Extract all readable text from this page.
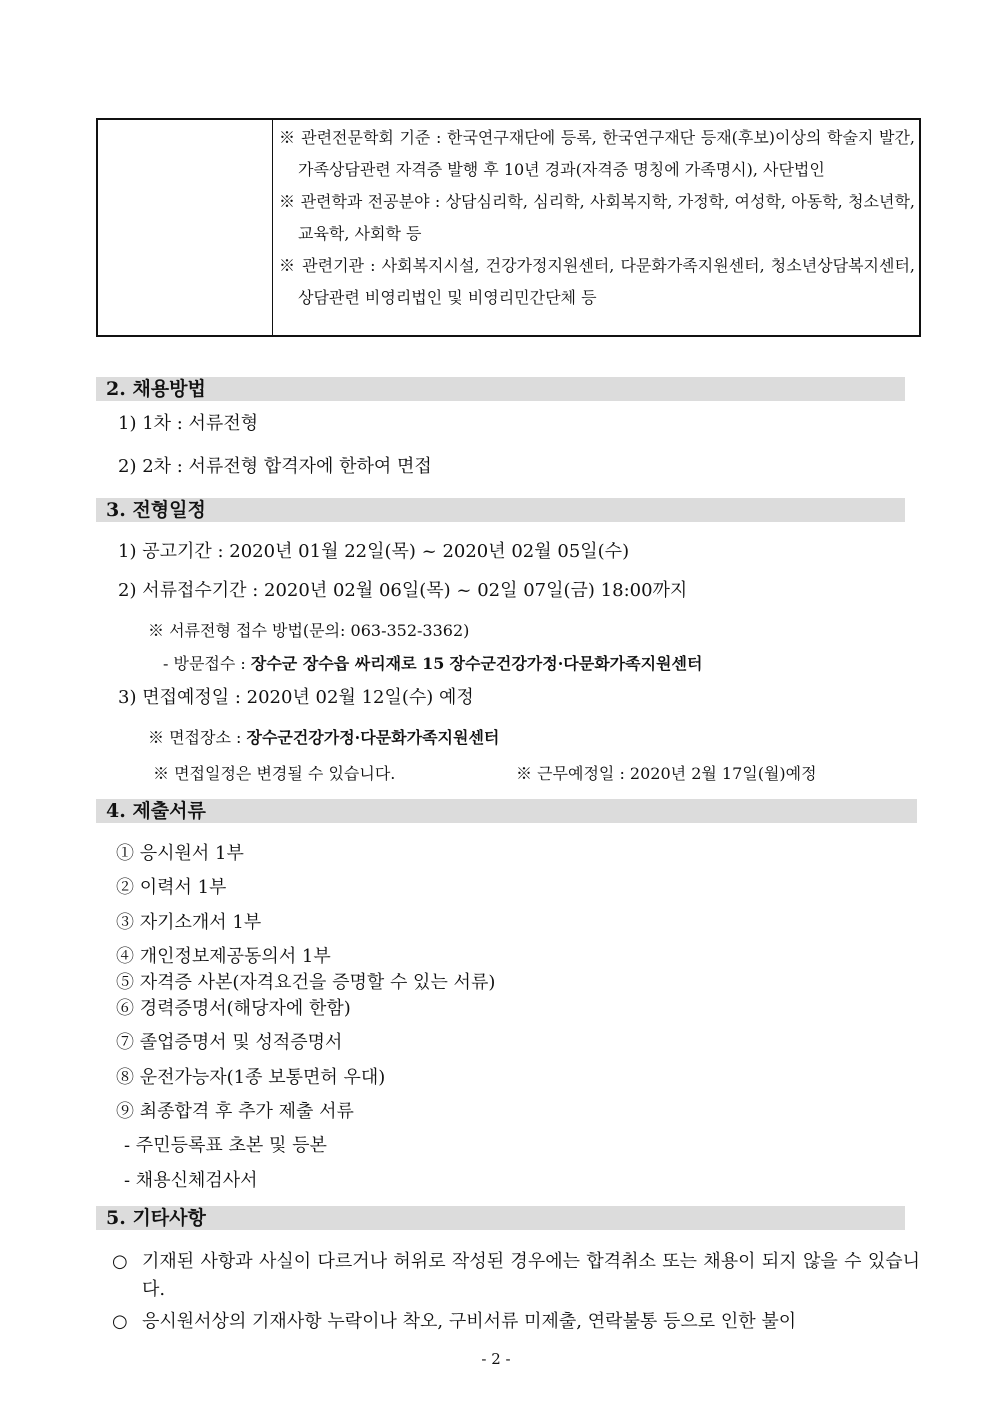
※ 관련전문학회 기준 : 한국연구재단에 등록, 한국연구재단 등재(후보)이상의 학술지 발간, 가족상담관련 자격증 발행 후 10년 경과(자격증 명칭에 가족명시), 사단법인
※ 관련학과 전공분야 : 상담심리학, 심리학, 사회복지학, 가정학, 여성학, 아동학, 청소년학, 교육학, 사회학 등
※ 관련기관 : 사회복지시설, 건강가정지원센터, 다문화가족지원센터, 청소년상담복지센터, 상담관련 비영리법인 및 비영리민간단체 등
2. 채용방법
1) 1차 : 서류전형
2) 2차 : 서류전형 합격자에 한하여 면접
3. 전형일정
1) 공고기간 : 2020년 01월 22일(목) ~ 2020년 02월 05일(수)
2) 서류접수기간 : 2020년 02월 06일(목) ~ 02일 07일(금) 18:00까지
※ 서류전형 접수 방법(문의: 063-352-3362)
- 방문접수 : 장수군 장수읍 싸리재로 15 장수군건강가정·다문화가족지원센터
3) 면접예정일 : 2020년 02월 12일(수) 예정
※ 면접장소 : 장수군건강가정·다문화가족지원센터
※ 면접일정은 변경될 수 있습니다.	※ 근무예정일 : 2020년 2월 17일(월)예정
4. 제출서류
① 응시원서 1부
② 이력서 1부
③ 자기소개서 1부
④ 개인정보제공동의서 1부
⑤ 자격증 사본(자격요건을 증명할 수 있는 서류)
⑥ 경력증명서(해당자에 한함)
⑦ 졸업증명서 및 성적증명서
⑧ 운전가능자(1종 보통면허 우대)
⑨ 최종합격 후 추가 제출 서류
- 주민등록표 초본 및 등본
- 채용신체검사서
5. 기타사항
○ 기재된 사항과 사실이 다르거나 허위로 작성된 경우에는 합격취소 또는 채용이 되지 않을 수 있습니다.
○ 응시원서상의 기재사항 누락이나 착오, 구비서류 미제출, 연락불통 등으로 인한 불이
- 2 -
